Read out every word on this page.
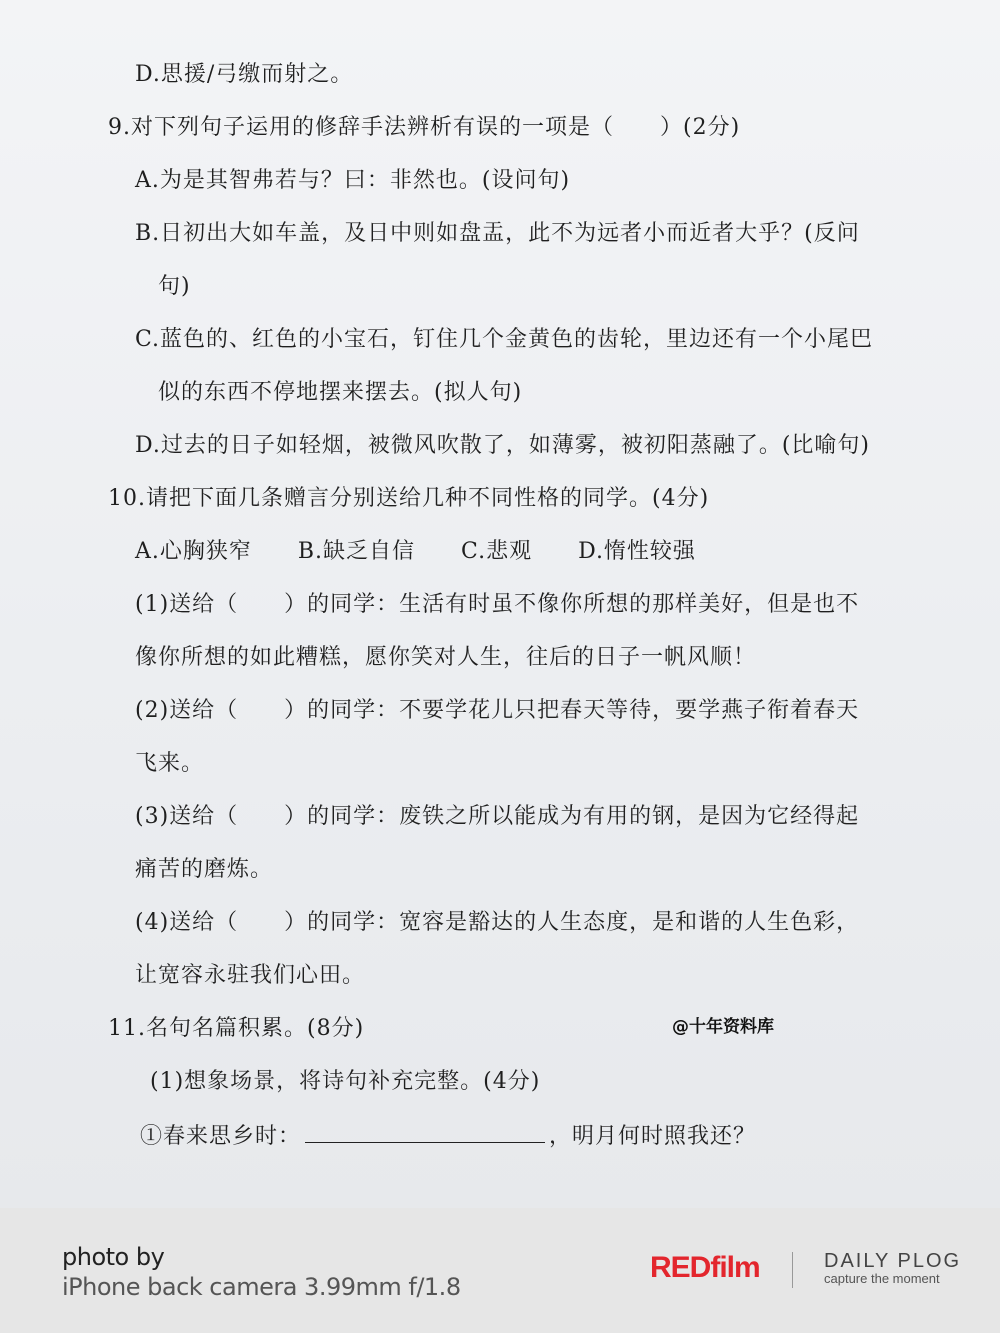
D.思援/弓缴而射之。
9.对下列句子运用的修辞手法辨析有误的一项是（　　）(2分)
A.为是其智弗若与？曰：非然也。(设问句)
B.日初出大如车盖，及日中则如盘盂，此不为远者小而近者大乎？(反问
句)
C.蓝色的、红色的小宝石，钉住几个金黄色的齿轮，里边还有一个小尾巴
似的东西不停地摆来摆去。(拟人句)
D.过去的日子如轻烟，被微风吹散了，如薄雾，被初阳蒸融了。(比喻句)
10.请把下面几条赠言分别送给几种不同性格的同学。(4分)
A.心胸狭窄　　B.缺乏自信　　C.悲观　　D.惰性较强
(1)送给（　　）的同学：生活有时虽不像你所想的那样美好，但是也不
像你所想的如此糟糕，愿你笑对人生，往后的日子一帆风顺！
(2)送给（　　）的同学：不要学花儿只把春天等待，要学燕子衔着春天
飞来。
(3)送给（　　）的同学：废铁之所以能成为有用的钢，是因为它经得起
痛苦的磨炼。
(4)送给（　　）的同学：宽容是豁达的人生态度，是和谐的人生色彩，
让宽容永驻我们心田。
11.名句名篇积累。(8分)
(1)想象场景，将诗句补充完整。(4分)
①春来思乡时：	，明月何时照我还？
@十年资料库
photo by
iPhone back camera 3.99mm f/1.8
REDfilm	DAILY PLOG
capture the moment
